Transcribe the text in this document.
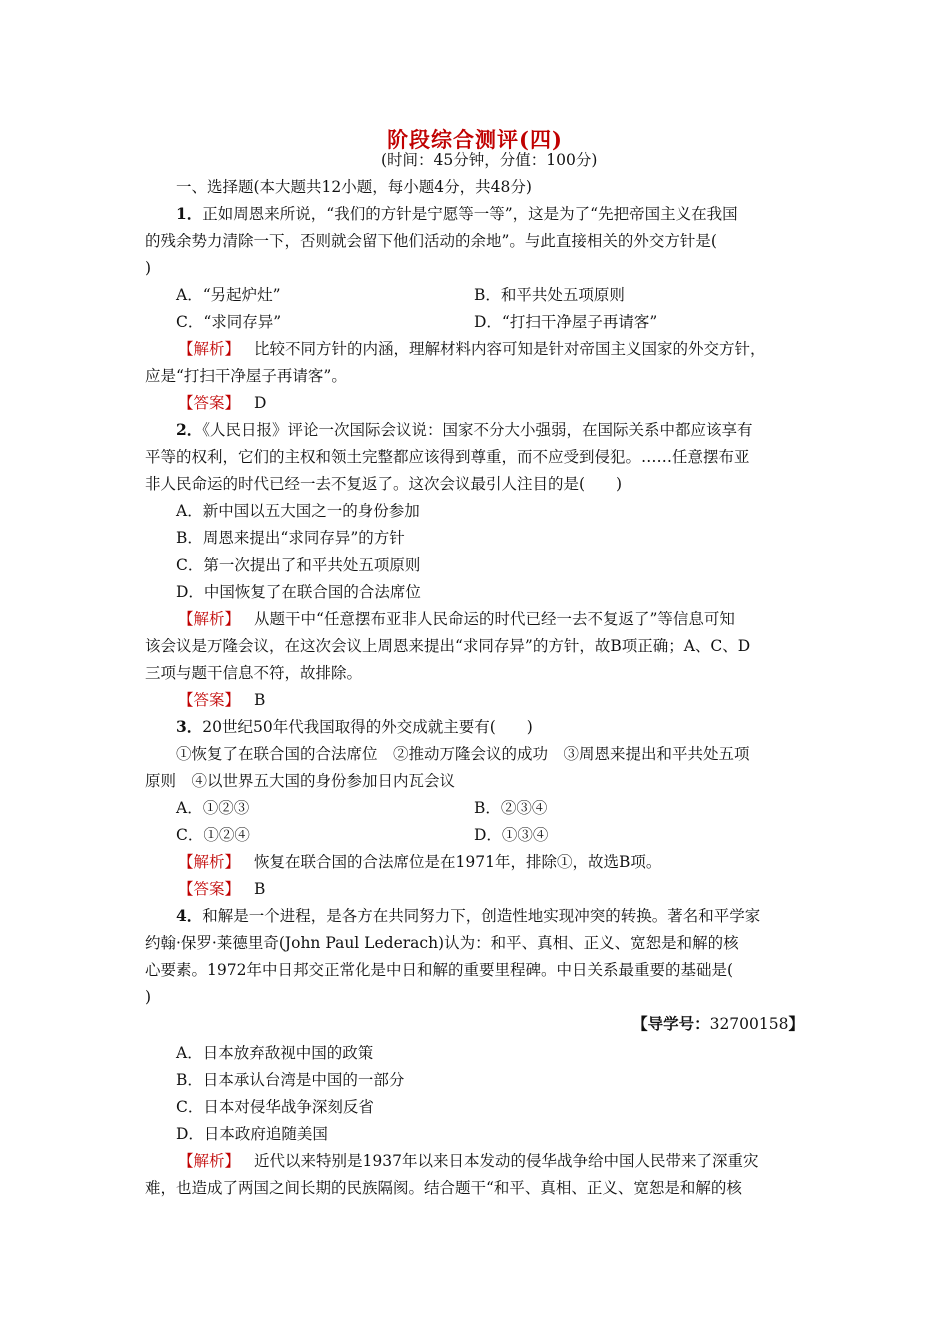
阶段综合测评(四)
(时间：45分钟，分值：100分)
一、选择题(本大题共12小题，每小题4分，共48分)
1．正如周恩来所说，“我们的方针是宁愿等一等”，这是为了“先把帝国主义在我国
的残余势力清除一下，否则就会留下他们活动的余地”。与此直接相关的外交方针是(
)
A．“另起炉灶”	B．和平共处五项原则
C．“求同存异”	D．“打扫干净屋子再请客”
【解析】 比较不同方针的内涵，理解材料内容可知是针对帝国主义国家的外交方针，
应是“打扫干净屋子再请客”。
【答案】 D
2．《人民日报》评论一次国际会议说：国家不分大小强弱，在国际关系中都应该享有
平等的权利，它们的主权和领土完整都应该得到尊重，而不应受到侵犯。……任意摆布亚
非人民命运的时代已经一去不复返了。这次会议最引人注目的是(　　)
A．新中国以五大国之一的身份参加
B．周恩来提出“求同存异”的方针
C．第一次提出了和平共处五项原则
D．中国恢复了在联合国的合法席位
【解析】 从题干中“任意摆布亚非人民命运的时代已经一去不复返了”等信息可知
该会议是万隆会议，在这次会议上周恩来提出“求同存异”的方针，故B项正确；A、C、D
三项与题干信息不符，故排除。
【答案】 B
3．20世纪50年代我国取得的外交成就主要有(　　)
①恢复了在联合国的合法席位　②推动万隆会议的成功　③周恩来提出和平共处五项
原则　④以世界五大国的身份参加日内瓦会议
A．①②③	B．②③④
C．①②④	D．①③④
【解析】 恢复在联合国的合法席位是在1971年，排除①，故选B项。
【答案】 B
4．和解是一个进程，是各方在共同努力下，创造性地实现冲突的转换。著名和平学家
约翰·保罗·莱德里奇(John Paul Lederach)认为：和平、真相、正义、宽恕是和解的核
心要素。1972年中日邦交正常化是中日和解的重要里程碑。中日关系最重要的基础是(
)
【导学号：32700158】
A．日本放弃敌视中国的政策
B．日本承认台湾是中国的一部分
C．日本对侵华战争深刻反省
D．日本政府追随美国
【解析】 近代以来特别是1937年以来日本发动的侵华战争给中国人民带来了深重灾
难，也造成了两国之间长期的民族隔阂。结合题干“和平、真相、正义、宽恕是和解的核
